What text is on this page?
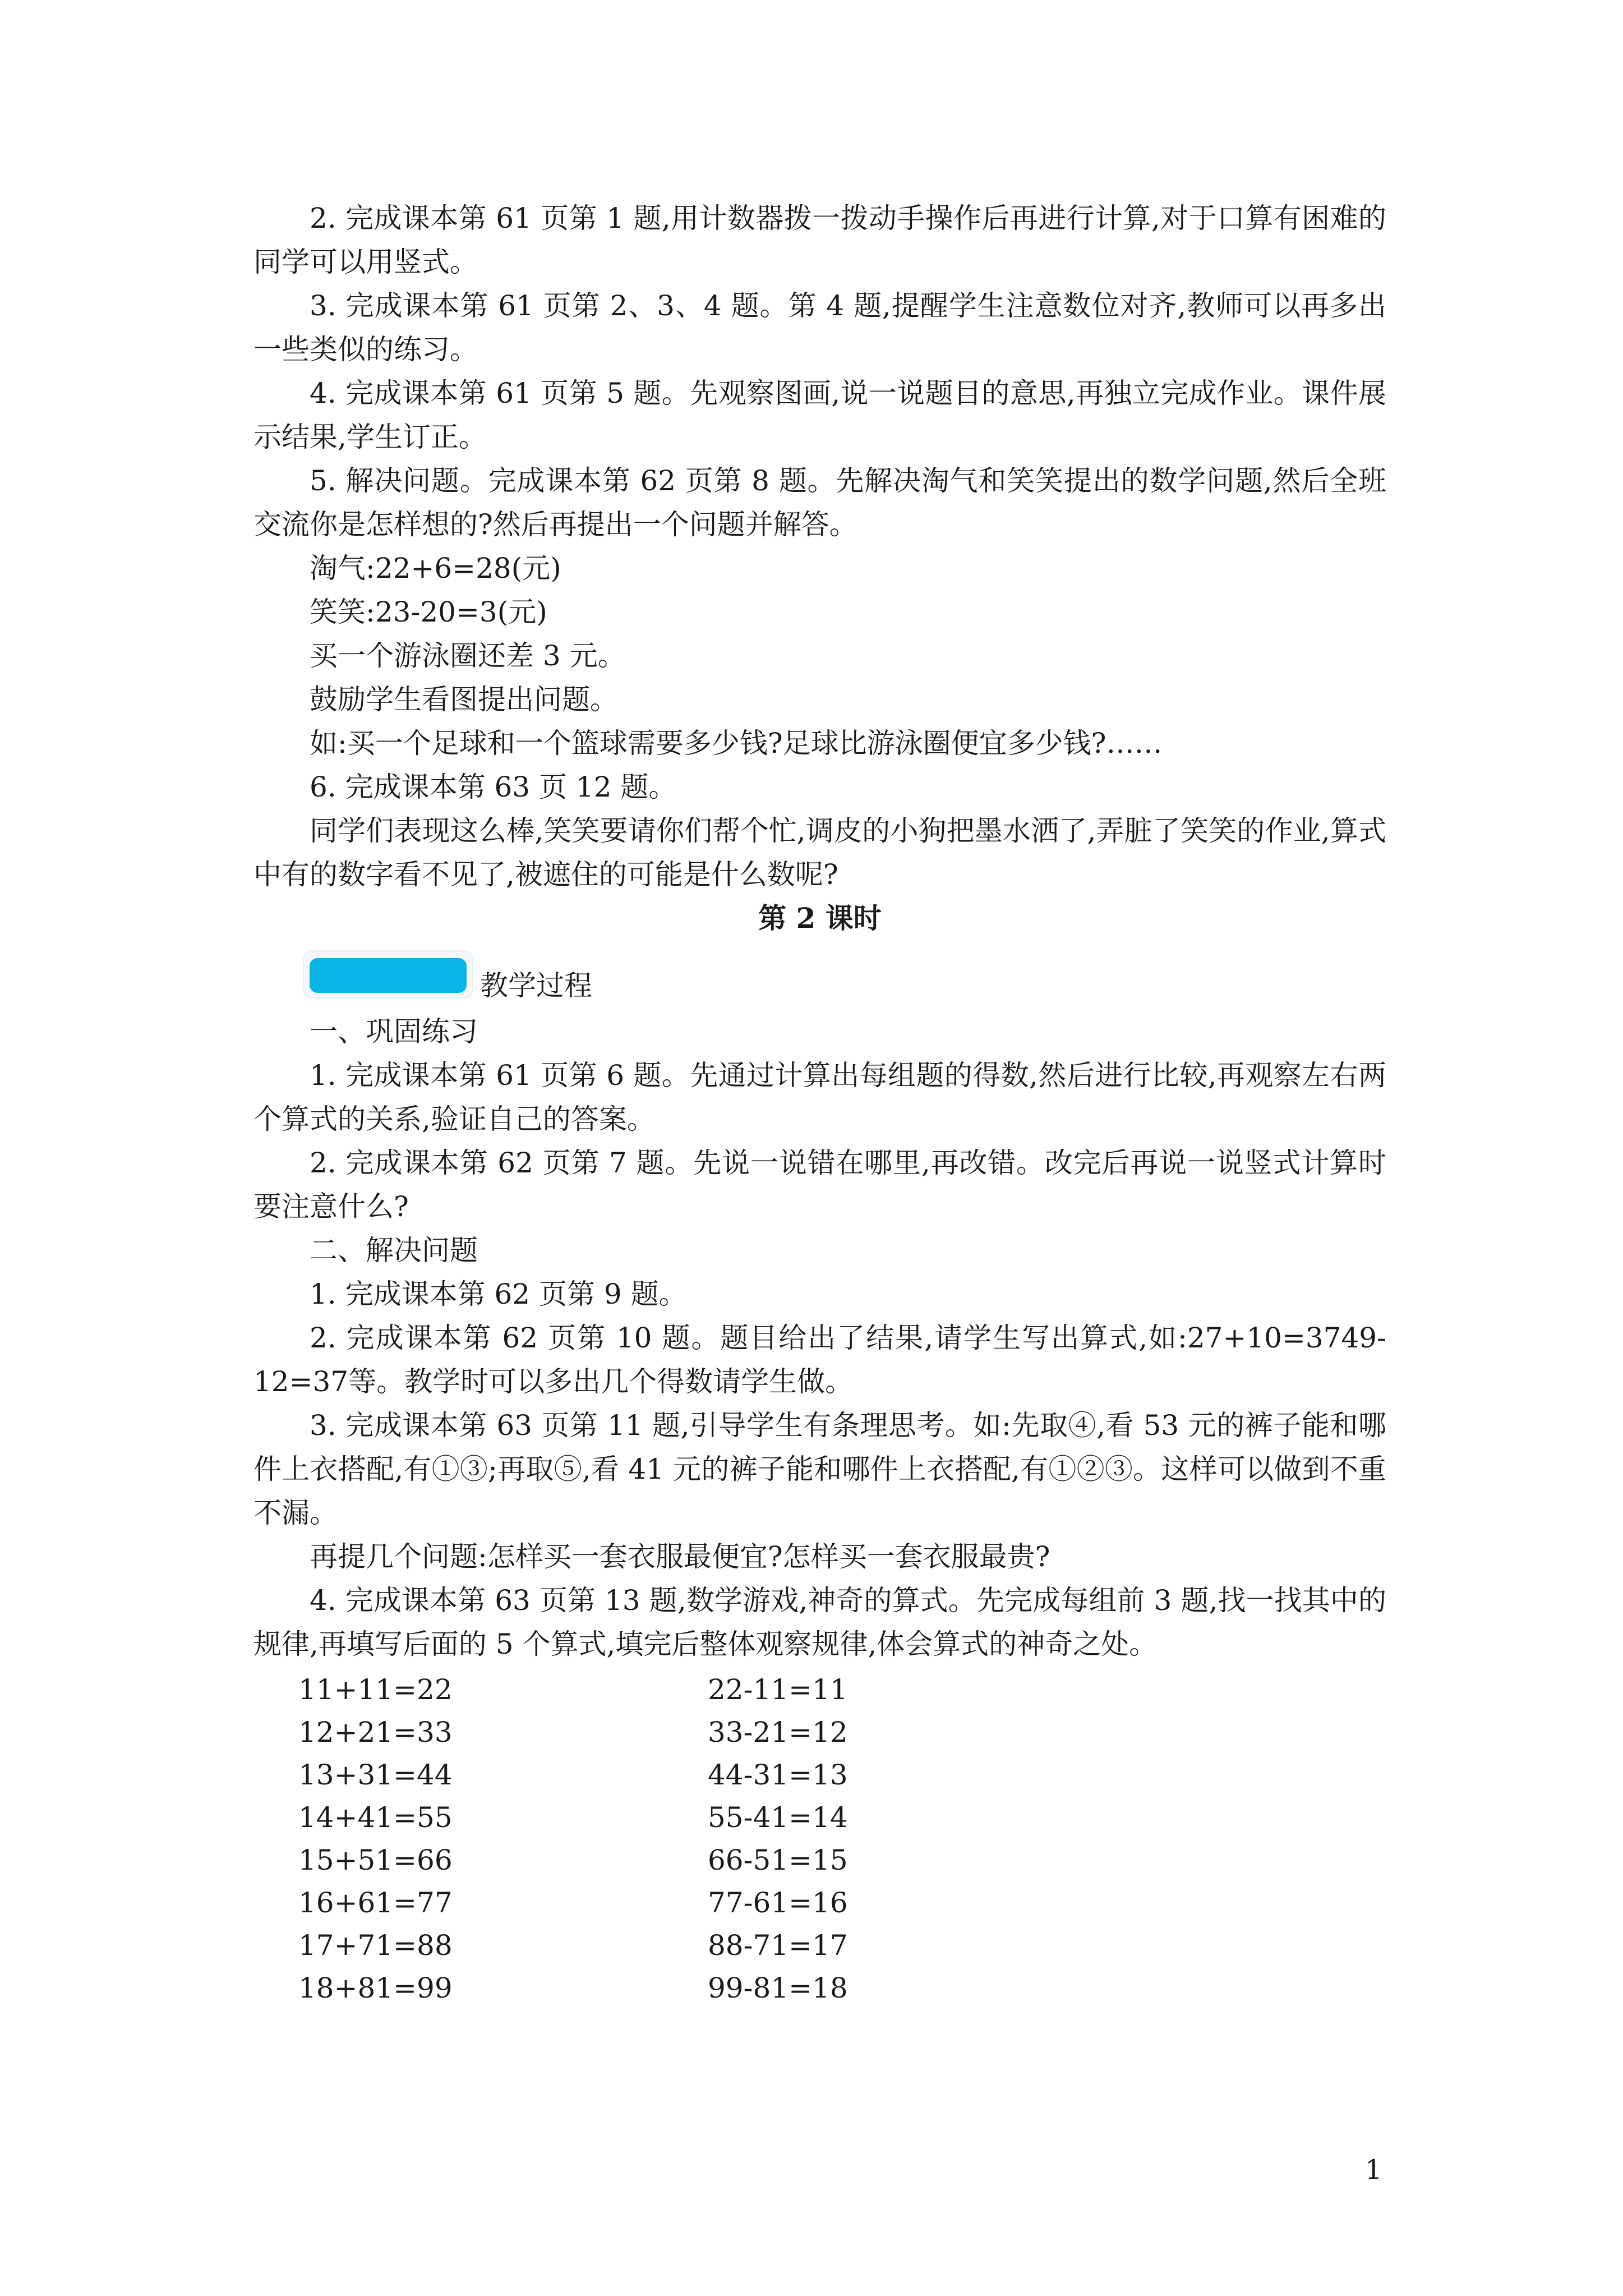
2. 完成课本第 61 页第 1 题,用计数器拨一拨动手操作后再进行计算,对于口算有困难的同学可以用竖式。

3. 完成课本第 61 页第 2、3、4 题。第 4 题,提醒学生注意数位对齐,教师可以再多出一些类似的练习。

4. 完成课本第 61 页第 5 题。先观察图画,说一说题目的意思,再独立完成作业。课件展示结果,学生订正。

5. 解决问题。完成课本第 62 页第 8 题。先解决淘气和笑笑提出的数学问题,然后全班交流你是怎样想的?然后再提出一个问题并解答。

淘气:22+6=28(元)

笑笑:23-20=3(元)

买一个游泳圈还差 3 元。

鼓励学生看图提出问题。

如:买一个足球和一个篮球需要多少钱?足球比游泳圈便宜多少钱?……

6. 完成课本第 63 页 12 题。

同学们表现这么棒,笑笑要请你们帮个忙,调皮的小狗把墨水洒了,弄脏了笑笑的作业,算式中有的数字看不见了,被遮住的可能是什么数呢?

第 2 课时

教学过程

一、巩固练习

1. 完成课本第 61 页第 6 题。先通过计算出每组题的得数,然后进行比较,再观察左右两个算式的关系,验证自己的答案。

2. 完成课本第 62 页第 7 题。先说一说错在哪里,再改错。改完后再说一说竖式计算时要注意什么?

二、解决问题

1. 完成课本第 62 页第 9 题。

2. 完成课本第 62 页第 10 题。题目给出了结果,请学生写出算式,如:27+10=3749-12=37等。教学时可以多出几个得数请学生做。

3. 完成课本第 63 页第 11 题,引导学生有条理思考。如:先取④,看 53 元的裤子能和哪件上衣搭配,有①③;再取⑤,看 41 元的裤子能和哪件上衣搭配,有①②③。这样可以做到不重不漏。

再提几个问题:怎样买一套衣服最便宜?怎样买一套衣服最贵?

4. 完成课本第 63 页第 13 题,数学游戏,神奇的算式。先完成每组前 3 题,找一找其中的规律,再填写后面的 5 个算式,填完后整体观察规律,体会算式的神奇之处。

11+11=22	22-11=11
12+21=33	33-21=12
13+31=44	44-31=13
14+41=55	55-41=14
15+51=66	66-51=15
16+61=77	77-61=16
17+71=88	88-71=17
18+81=99	99-81=18
1
